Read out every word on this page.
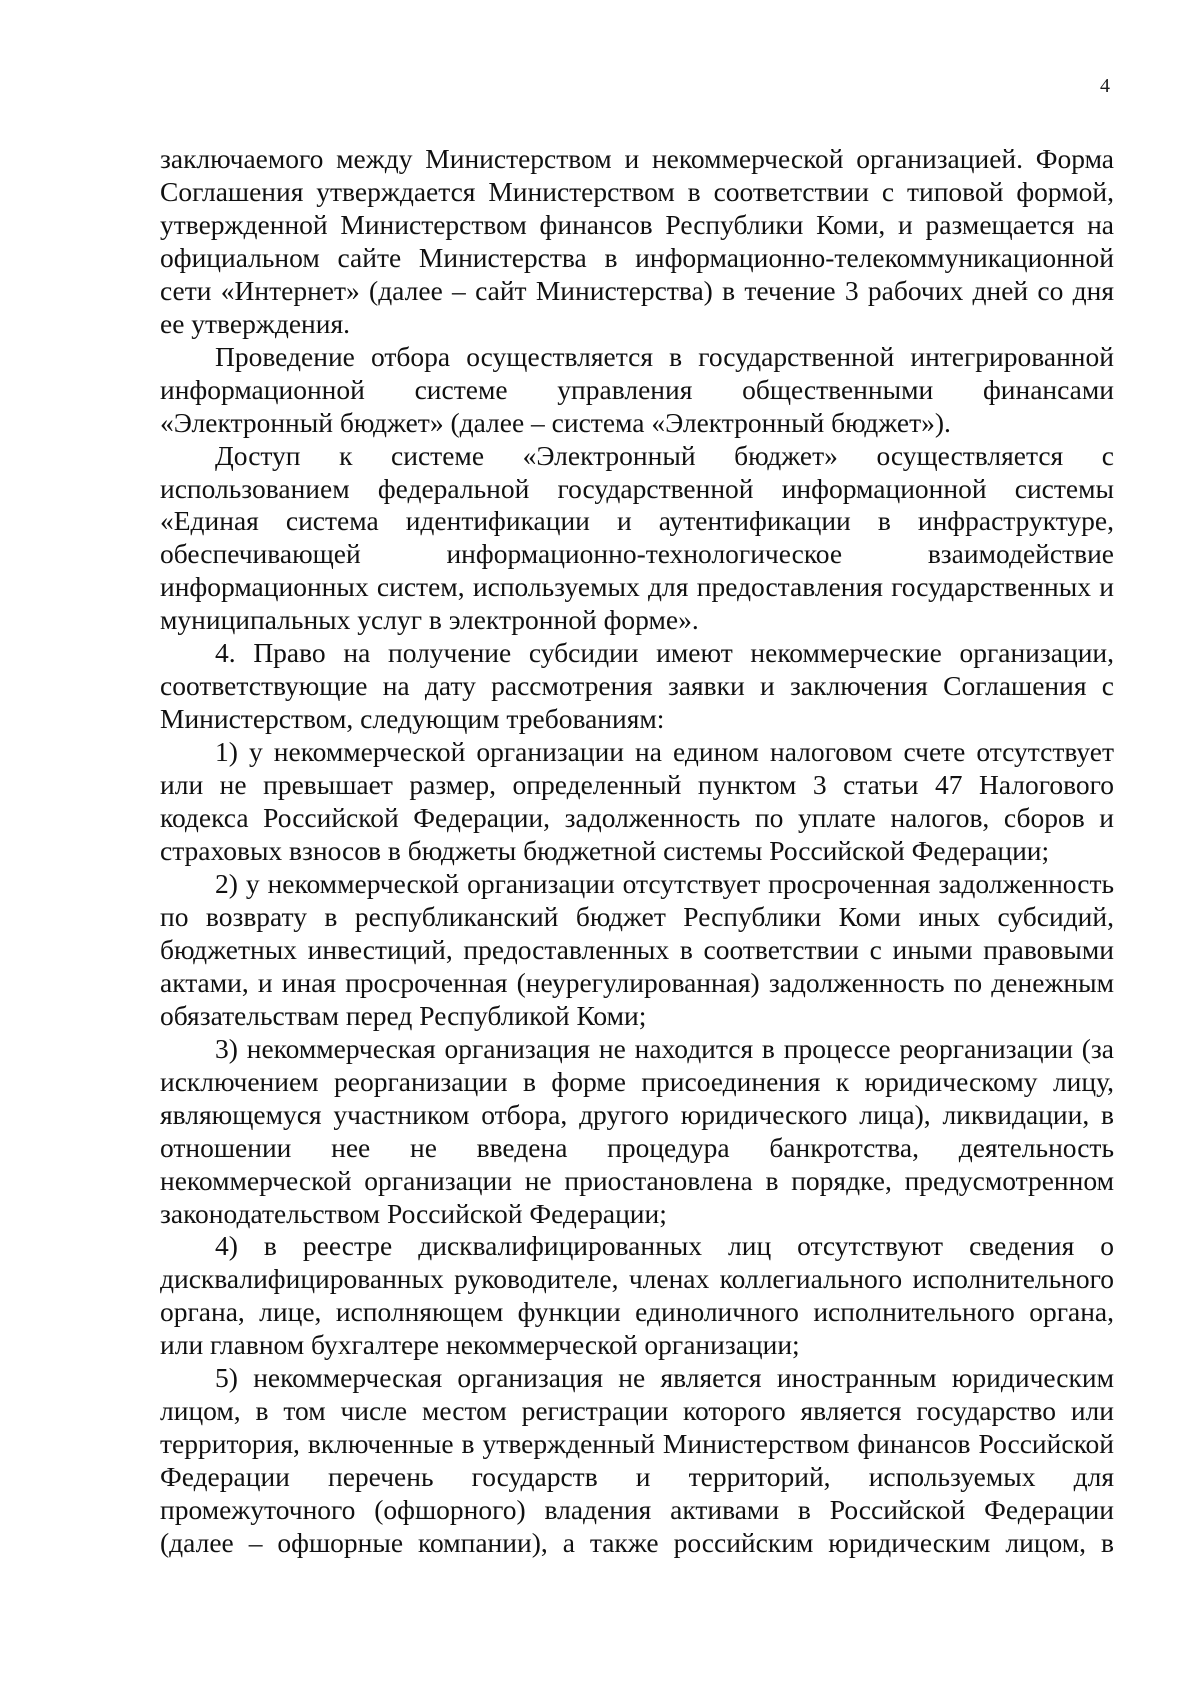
4

заключаемого между Министерством и некоммерческой организацией. Форма Соглашения утверждается Министерством в соответствии с типовой формой, утвержденной Министерством финансов Республики Коми, и размещается на официальном сайте Министерства в информационно-телекоммуникационной сети «Интернет» (далее – сайт Министерства) в течение 3 рабочих дней со дня ее утверждения.

Проведение отбора осуществляется в государственной интегрированной информационной системе управления общественными финансами «Электронный бюджет» (далее – система «Электронный бюджет»).

Доступ к системе «Электронный бюджет» осуществляется с использованием федеральной государственной информационной системы «Единая система идентификации и аутентификации в инфраструктуре, обеспечивающей информационно-технологическое взаимодействие информационных систем, используемых для предоставления государственных и муниципальных услуг в электронной форме».

4. Право на получение субсидии имеют некоммерческие организации, соответствующие на дату рассмотрения заявки и заключения Соглашения с Министерством, следующим требованиям:

1) у некоммерческой организации на едином налоговом счете отсутствует или не превышает размер, определенный пунктом 3 статьи 47 Налогового кодекса Российской Федерации, задолженность по уплате налогов, сборов и страховых взносов в бюджеты бюджетной системы Российской Федерации;

2) у некоммерческой организации отсутствует просроченная задолженность по возврату в республиканский бюджет Республики Коми иных субсидий, бюджетных инвестиций, предоставленных в соответствии с иными правовыми актами, и иная просроченная (неурегулированная) задолженность по денежным обязательствам перед Республикой Коми;

3) некоммерческая организация не находится в процессе реорганизации (за исключением реорганизации в форме присоединения к юридическому лицу, являющемуся участником отбора, другого юридического лица), ликвидации, в отношении нее не введена процедура банкротства, деятельность некоммерческой организации не приостановлена в порядке, предусмотренном законодательством Российской Федерации;

4) в реестре дисквалифицированных лиц отсутствуют сведения о дисквалифицированных руководителе, членах коллегиального исполнительного органа, лице, исполняющем функции единоличного исполнительного органа, или главном бухгалтере некоммерческой организации;

5) некоммерческая организация не является иностранным юридическим лицом, в том числе местом регистрации которого является государство или территория, включенные в утвержденный Министерством финансов Российской Федерации перечень государств и территорий, используемых для промежуточного (офшорного) владения активами в Российской Федерации (далее – офшорные компании), а также российским юридическим лицом, в
